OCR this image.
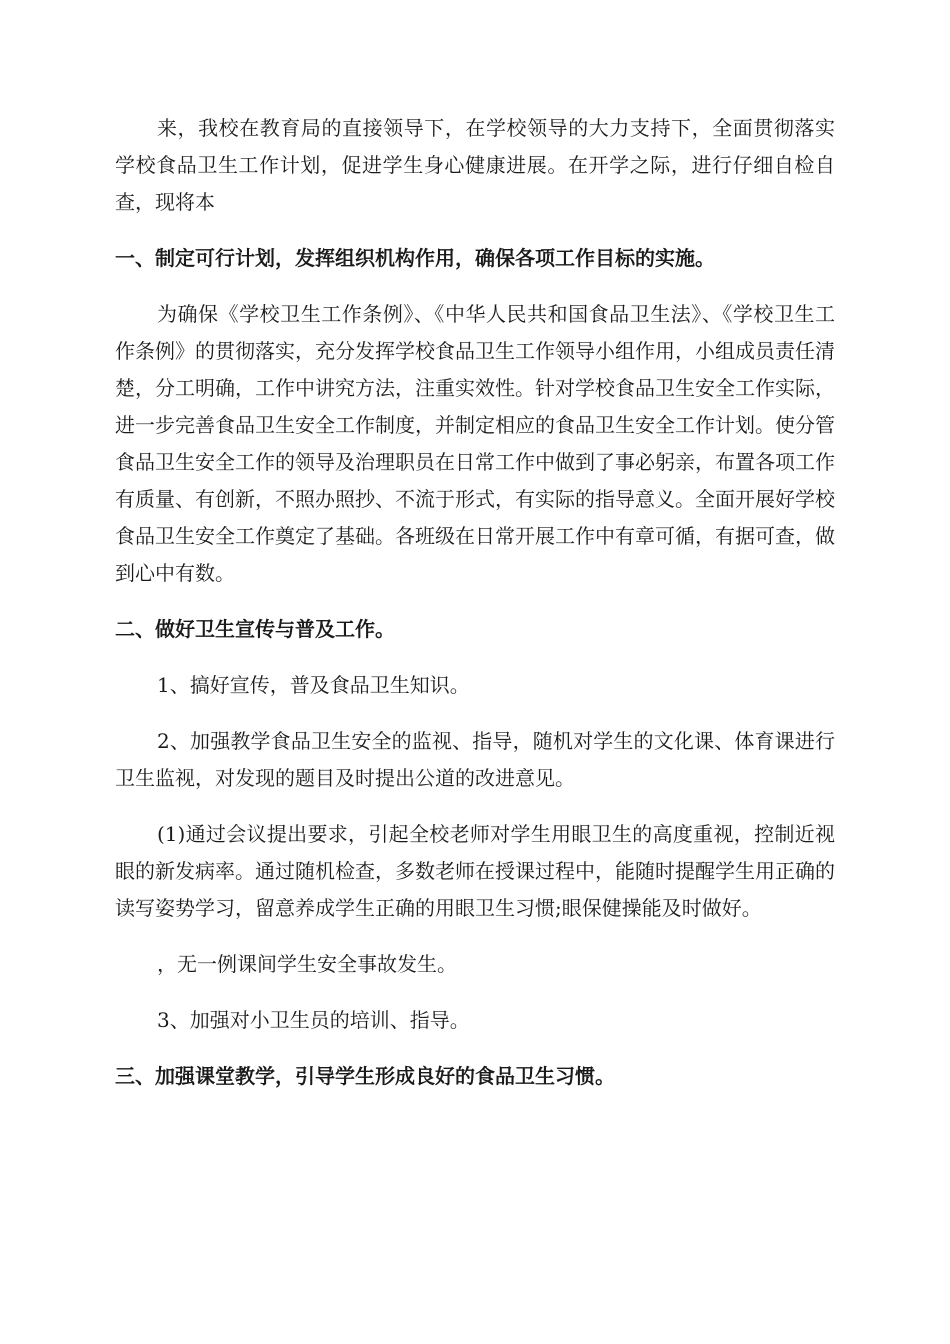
来，我校在教育局的直接领导下，在学校领导的大力支持下，全面贯彻落实学校食品卫生工作计划，促进学生身心健康进展。在开学之际，进行仔细自检自查，现将本

一、制定可行计划，发挥组织机构作用，确保各项工作目标的实施。

为确保《学校卫生工作条例》、《中华人民共和国食品卫生法》、《学校卫生工作条例》的贯彻落实，充分发挥学校食品卫生工作领导小组作用，小组成员责任清楚，分工明确，工作中讲究方法，注重实效性。针对学校食品卫生安全工作实际，进一步完善食品卫生安全工作制度，并制定相应的食品卫生安全工作计划。使分管食品卫生安全工作的领导及治理职员在日常工作中做到了事必躬亲，布置各项工作有质量、有创新，不照办照抄、不流于形式，有实际的指导意义。全面开展好学校食品卫生安全工作奠定了基础。各班级在日常开展工作中有章可循，有据可查，做到心中有数。

二、做好卫生宣传与普及工作。

1、搞好宣传，普及食品卫生知识。

2、加强教学食品卫生安全的监视、指导，随机对学生的文化课、体育课进行卫生监视，对发现的题目及时提出公道的改进意见。

(1)通过会议提出要求，引起全校老师对学生用眼卫生的高度重视，控制近视眼的新发病率。通过随机检查，多数老师在授课过程中，能随时提醒学生用正确的读写姿势学习，留意养成学生正确的用眼卫生习惯;眼保健操能及时做好。

，无一例课间学生安全事故发生。

3、加强对小卫生员的培训、指导。

三、加强课堂教学，引导学生形成良好的食品卫生习惯。
